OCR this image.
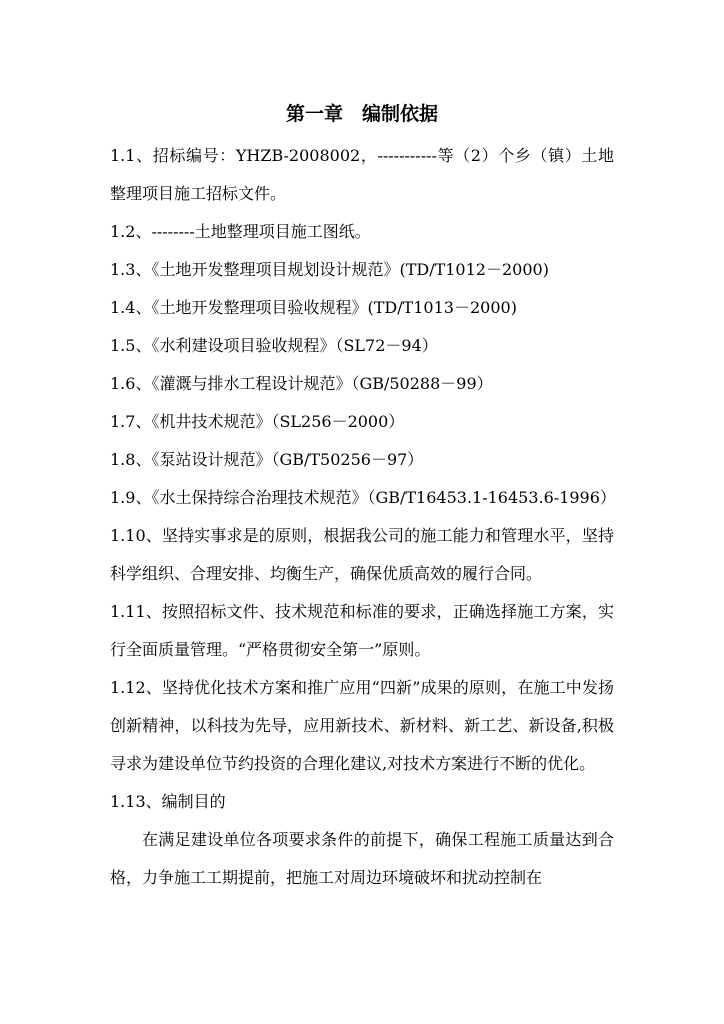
第一章　编制依据

1.1、招标编号：YHZB-2008002，-----------等（2）个乡（镇）土地整理项目施工招标文件。

1.2、--------土地整理项目施工图纸。

1.3、《土地开发整理项目规划设计规范》(TD/T1012－2000)

1.4、《土地开发整理项目验收规程》(TD/T1013－2000)

1.5、《水利建设项目验收规程》（SL72－94）

1.6、《灌溉与排水工程设计规范》（GB/50288－99）

1.7、《机井技术规范》（SL256－2000）

1.8、《泵站设计规范》（GB/T50256－97）

1.9、《水土保持综合治理技术规范》（GB/T16453.1-16453.6-1996）

1.10、坚持实事求是的原则，根据我公司的施工能力和管理水平，坚持科学组织、合理安排、均衡生产，确保优质高效的履行合同。

1.11、按照招标文件、技术规范和标准的要求，正确选择施工方案，实行全面质量管理。“严格贯彻安全第一”原则。

1.12、坚持优化技术方案和推广应用“四新”成果的原则，在施工中发扬创新精神，以科技为先导，应用新技术、新材料、新工艺、新设备,积极寻求为建设单位节约投资的合理化建议,对技术方案进行不断的优化。

1.13、编制目的

在满足建设单位各项要求条件的前提下，确保工程施工质量达到合格，力争施工工期提前，把施工对周边环境破坏和扰动控制在
